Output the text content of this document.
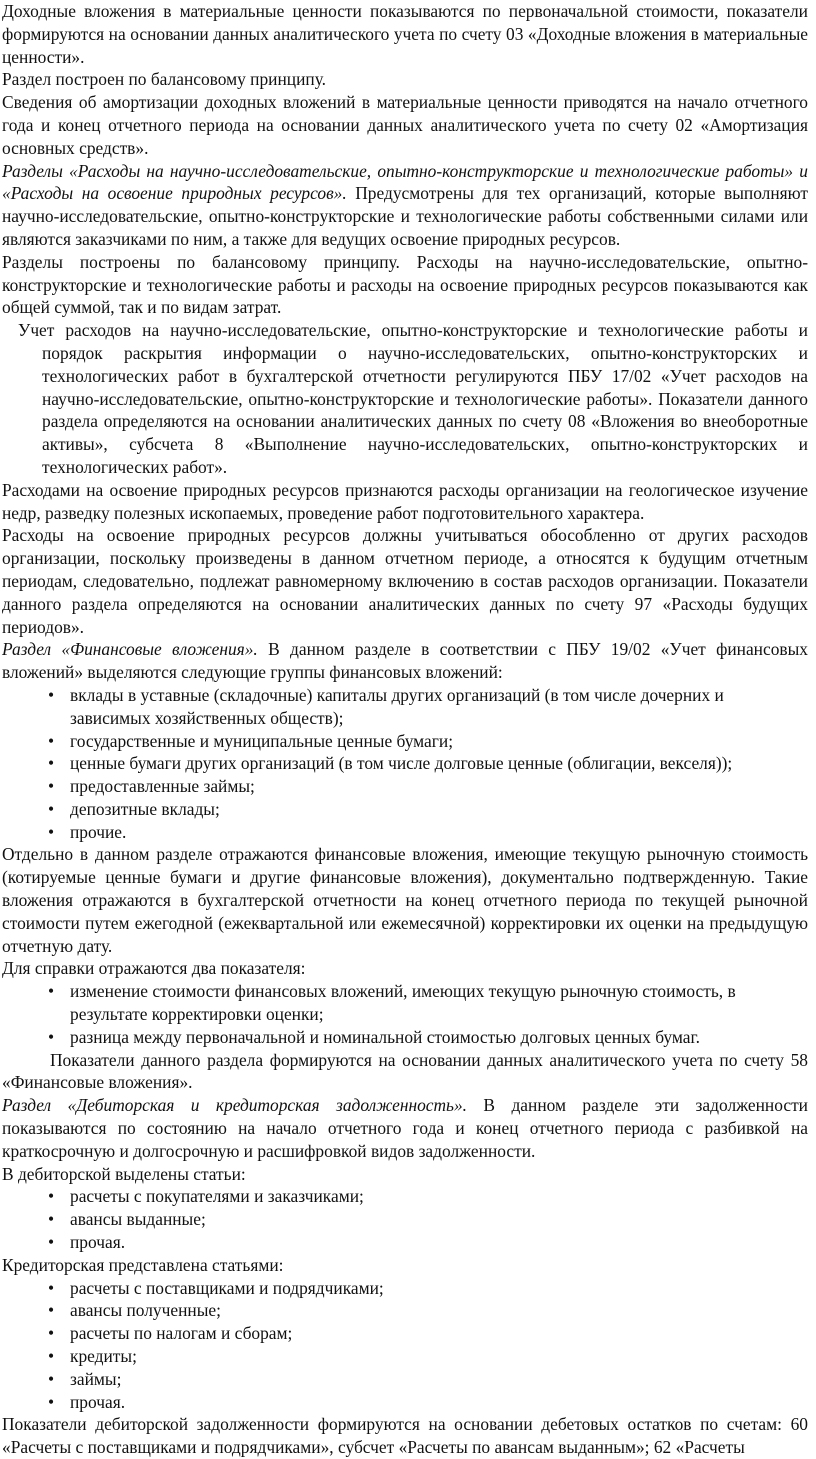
Доходные вложения в материальные ценности показываются по первоначальной стоимости, показатели формируются на основании данных аналитического учета по счету 03 «Доходные вложения в материальные ценности».

Раздел построен по балансовому принципу.

Сведения об амортизации доходных вложений в материальные ценности приводятся на начало отчетного года и конец отчетного периода на основании данных аналитического учета по счету 02 «Амортизация основных средств».

Разделы «Расходы на научно-исследовательские, опытно-конструкторские и технологические работы» и «Расходы на освоение природных ресурсов». Предусмотрены для тех организаций, которые выполняют научно-исследовательские, опытно-конструкторские и технологические работы собственными силами или являются заказчиками по ним, а также для ведущих освоение природных ресурсов.

Разделы построены по балансовому принципу. Расходы на научно-исследовательские, опытно-конструкторские и технологические работы и расходы на освоение природных ресурсов показываются как общей суммой, так и по видам затрат.

Учет расходов на научно-исследовательские, опытно-конструкторские и технологические работы и порядок раскрытия информации о научно-исследовательских, опытно-конструкторских и технологических работ в бухгалтерской отчетности регулируются ПБУ 17/02 «Учет расходов на научно-исследовательские, опытно-конструкторские и технологические работы». Показатели данного раздела определяются на основании аналитических данных по счету 08 «Вложения во внеоборотные активы», субсчета 8 «Выполнение научно-исследовательских, опытно-конструкторских и технологических работ».

Расходами на освоение природных ресурсов признаются расходы организации на геологическое изучение недр, разведку полезных ископаемых, проведение работ подготовительного характера.

Расходы на освоение природных ресурсов должны учитываться обособленно от других расходов организации, поскольку произведены в данном отчетном периоде, а относятся к будущим отчетным периодам, следовательно, подлежат равномерному включению в состав расходов организации. Показатели данного раздела определяются на основании аналитических данных по счету 97 «Расходы будущих периодов».

Раздел «Финансовые вложения». В данном разделе в соответствии с ПБУ 19/02 «Учет финансовых вложений» выделяются следующие группы финансовых вложений:

• вклады в уставные (складочные) капиталы других организаций (в том числе дочерних и зависимых хозяйственных обществ);
• государственные и муниципальные ценные бумаги;
• ценные бумаги других организаций (в том числе долговые ценные (облигации, векселя));
• предоставленные займы;
• депозитные вклады;
• прочие.

Отдельно в данном разделе отражаются финансовые вложения, имеющие текущую рыночную стоимость (котируемые ценные бумаги и другие финансовые вложения), документально подтвержденную. Такие вложения отражаются в бухгалтерской отчетности на конец отчетного периода по текущей рыночной стоимости путем ежегодной (ежеквартальной или ежемесячной) корректировки их оценки на предыдущую отчетную дату.

Для справки отражаются два показателя:

• изменение стоимости финансовых вложений, имеющих текущую рыночную стоимость, в результате корректировки оценки;
• разница между первоначальной и номинальной стоимостью долговых ценных бумаг.

Показатели данного раздела формируются на основании данных аналитического учета по счету 58 «Финансовые вложения».

Раздел «Дебиторская и кредиторская задолженность». В данном разделе эти задолженности показываются по состоянию на начало отчетного года и конец отчетного периода с разбивкой на краткосрочную и долгосрочную и расшифровкой видов задолженности.

В дебиторской выделены статьи:

• расчеты с покупателями и заказчиками;
• авансы выданные;
• прочая.

Кредиторская представлена статьями:

• расчеты с поставщиками и подрядчиками;
• авансы полученные;
• расчеты по налогам и сборам;
• кредиты;
• займы;
• прочая.

Показатели дебиторской задолженности формируются на основании дебетовых остатков по счетам: 60 «Расчеты с поставщиками и подрядчиками», субсчет «Расчеты по авансам выданным»; 62 «Расчеты
